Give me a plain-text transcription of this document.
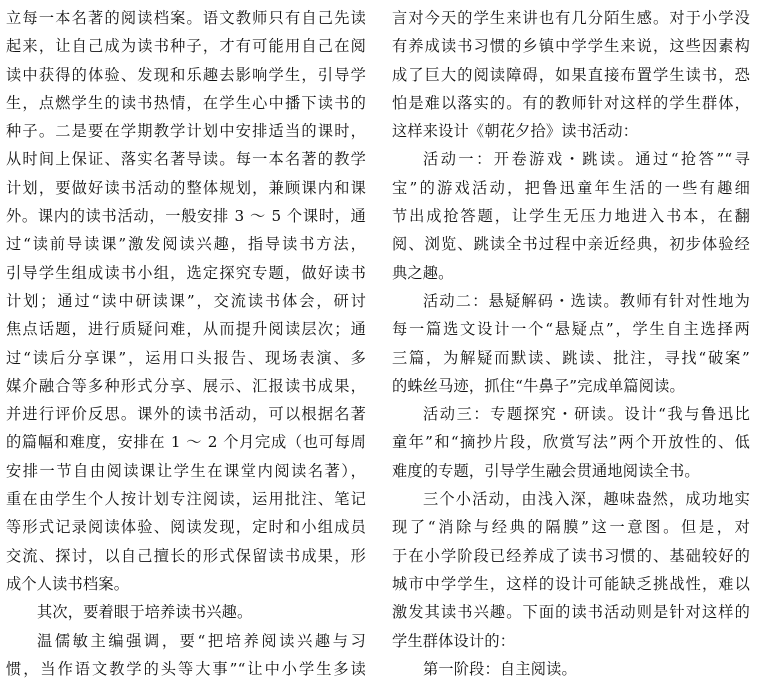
立每一本名著的阅读档案。语文教师只有自己先读
起来，让自己成为读书种子，才有可能用自己在阅
读中获得的体验、发现和乐趣去影响学生，引导学
生，点燃学生的读书热情，在学生心中播下读书的
种子。二是要在学期教学计划中安排适当的课时，
从时间上保证、落实名著导读。每一本名著的教学
计划，要做好读书活动的整体规划，兼顾课内和课
外。课内的读书活动，一般安排 3 ～ 5 个课时，通
过“读前导读课”激发阅读兴趣，指导读书方法，
引导学生组成读书小组，选定探究专题，做好读书
计划；通过“读中研读课”，交流读书体会，研讨
焦点话题，进行质疑问难，从而提升阅读层次；通
过“读后分享课”，运用口头报告、现场表演、多
媒介融合等多种形式分享、展示、汇报读书成果，
并进行评价反思。课外的读书活动，可以根据名著
的篇幅和难度，安排在 1 ～ 2 个月完成（也可每周
安排一节自由阅读课让学生在课堂内阅读名著），
重在由学生个人按计划专注阅读，运用批注、笔记
等形式记录阅读体验、阅读发现，定时和小组成员
交流、探讨，以自己擅长的形式保留读书成果，形
成个人读书档案。
其次，要着眼于培养读书兴趣。
温儒敏主编强调，要“把培养阅读兴趣与习
惯，当作语文教学的头等大事”“让中小学生多读
言对今天的学生来讲也有几分陌生感。对于小学没
有养成读书习惯的乡镇中学学生来说，这些因素构
成了巨大的阅读障碍，如果直接布置学生读书，恐
怕是难以落实的。有的教师针对这样的学生群体，
这样来设计《朝花夕拾》读书活动：
活动一：开卷游戏・跳读。通过“抢答”“寻
宝”的游戏活动，把鲁迅童年生活的一些有趣细
节出成抢答题，让学生无压力地进入书本，在翻
阅、浏览、跳读全书过程中亲近经典，初步体验经
典之趣。
活动二：悬疑解码・选读。教师有针对性地为
每一篇选文设计一个“悬疑点”，学生自主选择两
三篇，为解疑而默读、跳读、批注，寻找“破案”
的蛛丝马迹，抓住“牛鼻子”完成单篇阅读。
活动三：专题探究・研读。设计“我与鲁迅比
童年”和“摘抄片段，欣赏写法”两个开放性的、低
难度的专题，引导学生融会贯通地阅读全书。
三个小活动，由浅入深，趣味盎然，成功地实
现了“消除与经典的隔膜”这一意图。但是，对
于在小学阶段已经养成了读书习惯的、基础较好的
城市中学学生，这样的设计可能缺乏挑战性，难以
激发其读书兴趣。下面的读书活动则是针对这样的
学生群体设计的：
第一阶段：自主阅读。
